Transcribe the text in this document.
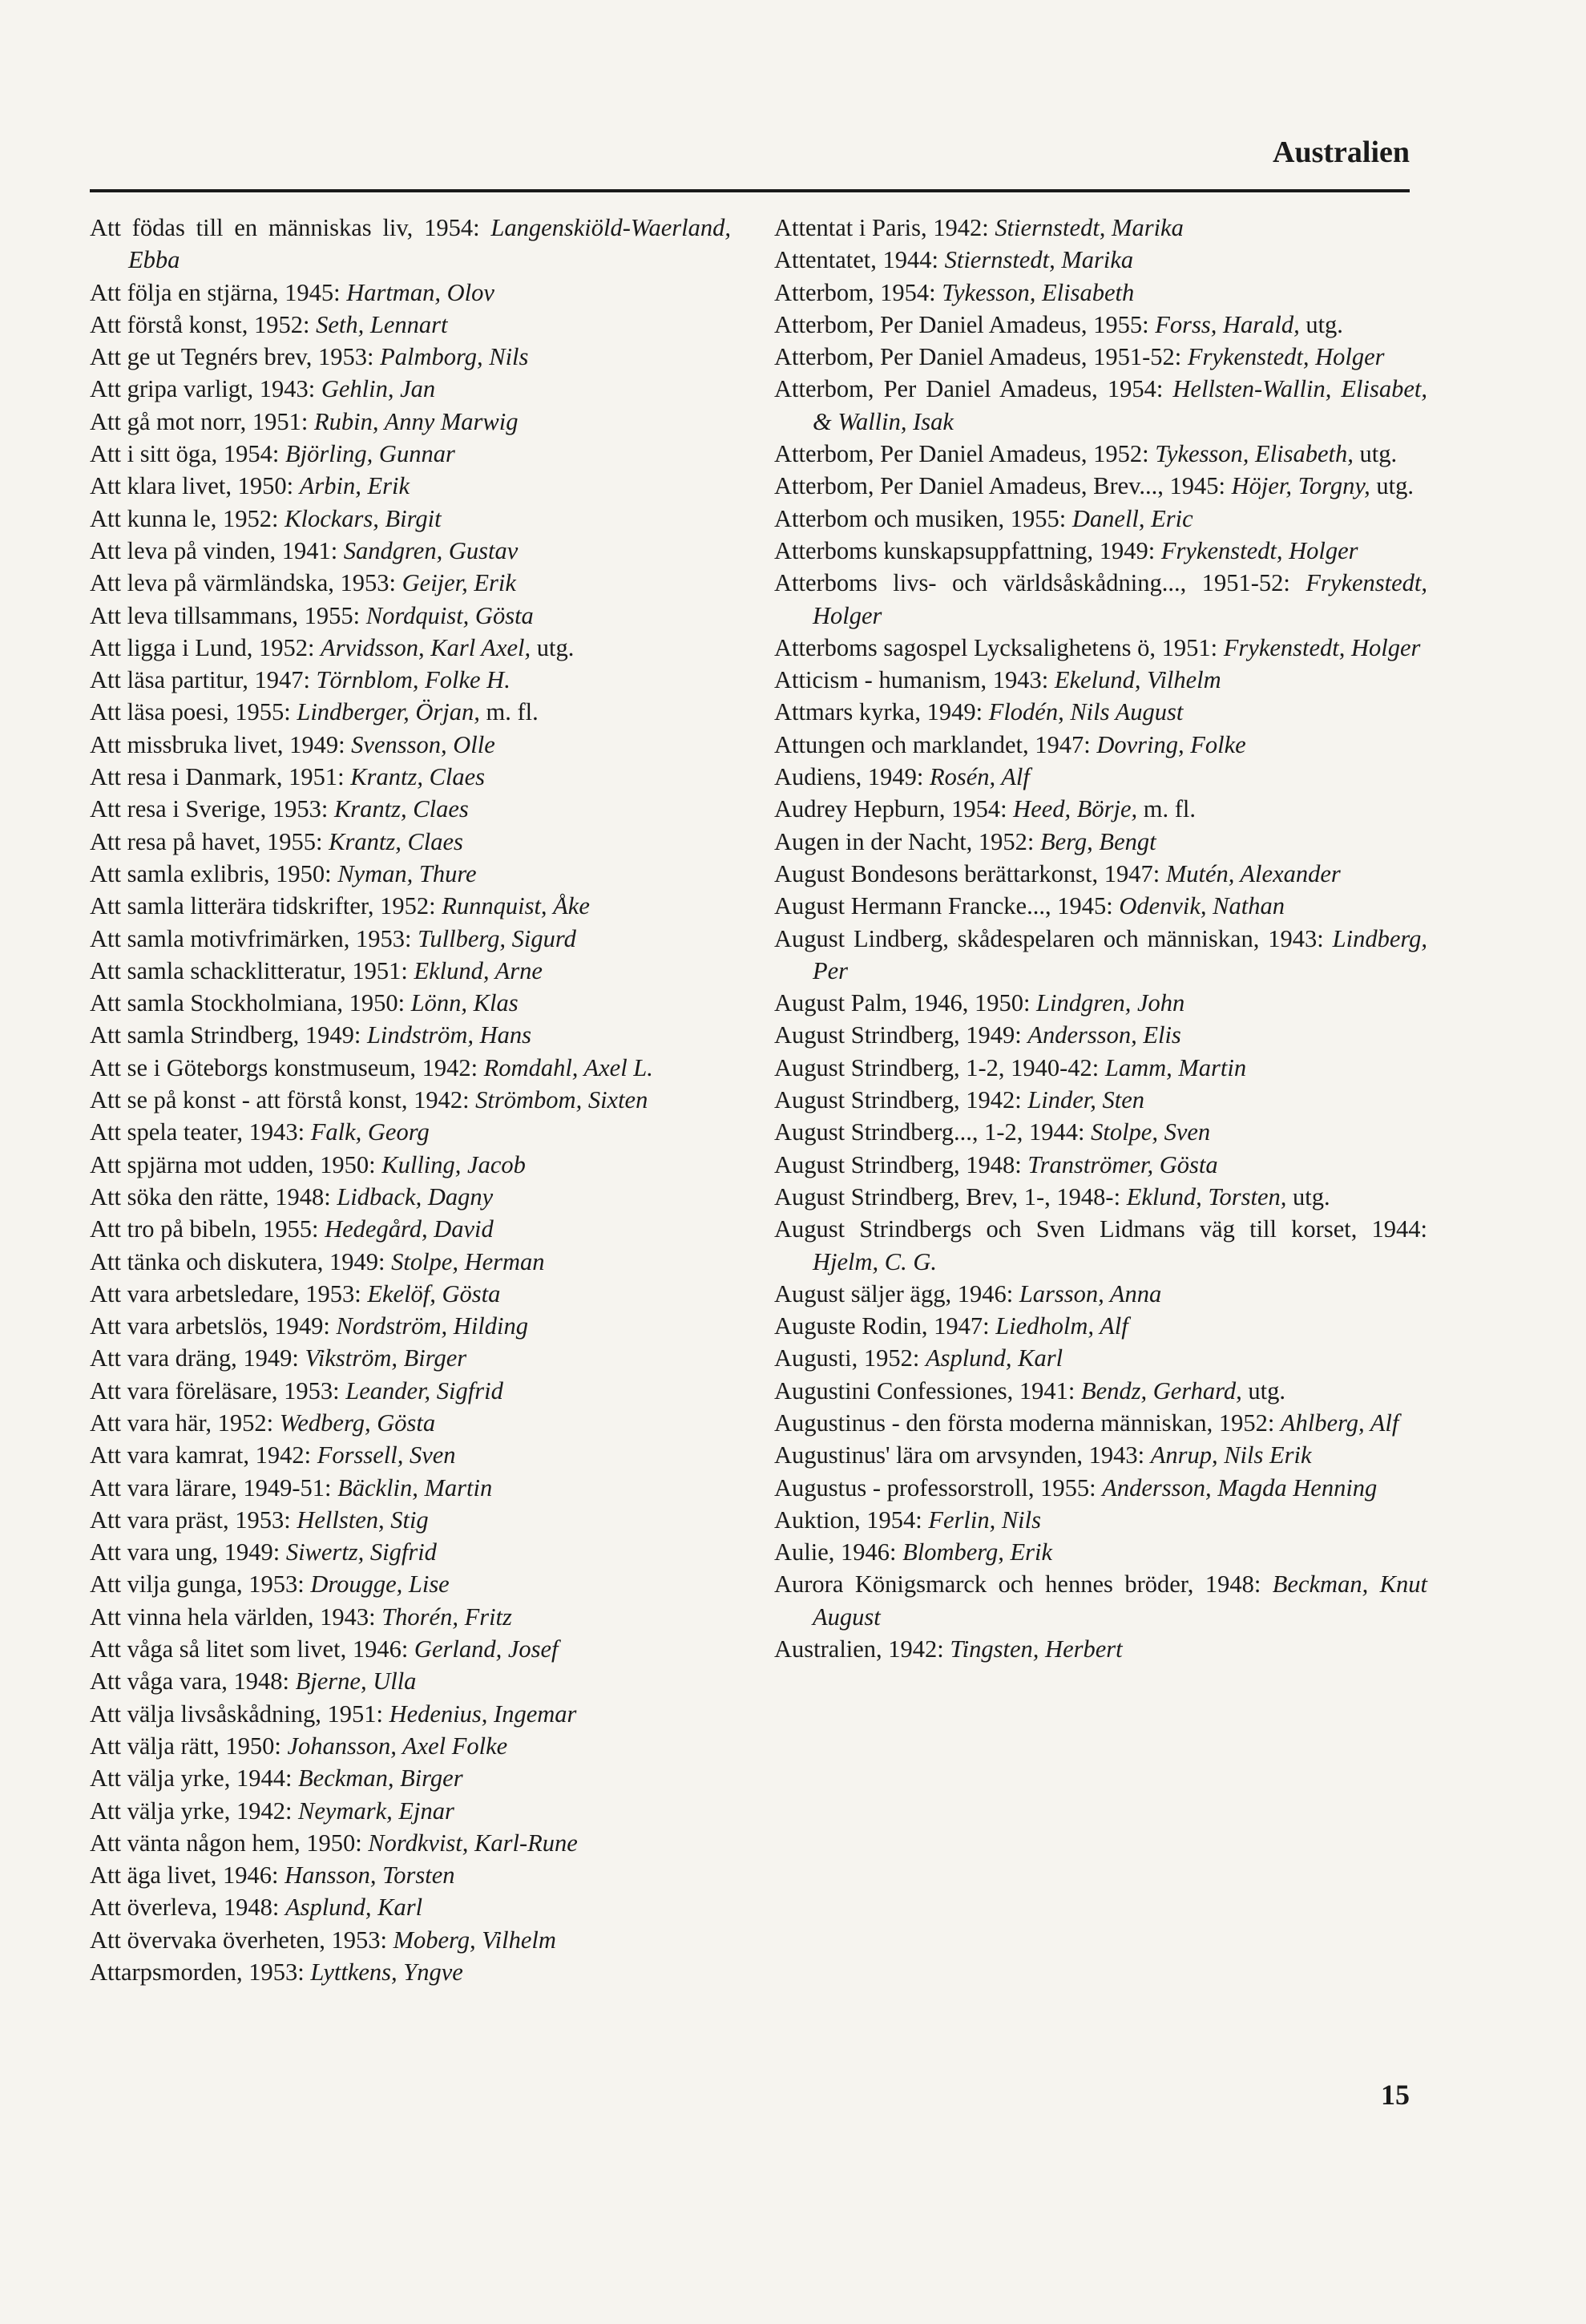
Australien
Att födas till en människas liv, 1954: Langenskiöld-Waerland, Ebba
Att följa en stjärna, 1945: Hartman, Olov
Att förstå konst, 1952: Seth, Lennart
Att ge ut Tegnérs brev, 1953: Palmborg, Nils
Att gripa varligt, 1943: Gehlin, Jan
Att gå mot norr, 1951: Rubin, Anny Marwig
Att i sitt öga, 1954: Björling, Gunnar
Att klara livet, 1950: Arbin, Erik
Att kunna le, 1952: Klockars, Birgit
Att leva på vinden, 1941: Sandgren, Gustav
Att leva på värmländska, 1953: Geijer, Erik
Att leva tillsammans, 1955: Nordquist, Gösta
Att ligga i Lund, 1952: Arvidsson, Karl Axel, utg.
Att läsa partitur, 1947: Törnblom, Folke H.
Att läsa poesi, 1955: Lindberger, Örjan, m. fl.
Att missbruka livet, 1949: Svensson, Olle
Att resa i Danmark, 1951: Krantz, Claes
Att resa i Sverige, 1953: Krantz, Claes
Att resa på havet, 1955: Krantz, Claes
Att samla exlibris, 1950: Nyman, Thure
Att samla litterära tidskrifter, 1952: Runnquist, Åke
Att samla motivfrimärken, 1953: Tullberg, Sigurd
Att samla schacklitteratur, 1951: Eklund, Arne
Att samla Stockholmiana, 1950: Lönn, Klas
Att samla Strindberg, 1949: Lindström, Hans
Att se i Göteborgs konstmuseum, 1942: Romdahl, Axel L.
Att se på konst - att förstå konst, 1942: Strömbom, Sixten
Att spela teater, 1943: Falk, Georg
Att spjärna mot udden, 1950: Kulling, Jacob
Att söka den rätte, 1948: Lidback, Dagny
Att tro på bibeln, 1955: Hedegård, David
Att tänka och diskutera, 1949: Stolpe, Herman
Att vara arbetsledare, 1953: Ekelöf, Gösta
Att vara arbetslös, 1949: Nordström, Hilding
Att vara dräng, 1949: Vikström, Birger
Att vara föreläsare, 1953: Leander, Sigfrid
Att vara här, 1952: Wedberg, Gösta
Att vara kamrat, 1942: Forssell, Sven
Att vara lärare, 1949-51: Bäcklin, Martin
Att vara präst, 1953: Hellsten, Stig
Att vara ung, 1949: Siwertz, Sigfrid
Att vilja gunga, 1953: Drougge, Lise
Att vinna hela världen, 1943: Thorén, Fritz
Att våga så litet som livet, 1946: Gerland, Josef
Att våga vara, 1948: Bjerne, Ulla
Att välja livsåskådning, 1951: Hedenius, Ingemar
Att välja rätt, 1950: Johansson, Axel Folke
Att välja yrke, 1944: Beckman, Birger
Att välja yrke, 1942: Neymark, Ejnar
Att vänta någon hem, 1950: Nordkvist, Karl-Rune
Att äga livet, 1946: Hansson, Torsten
Att överleva, 1948: Asplund, Karl
Att övervaka överheten, 1953: Moberg, Vilhelm
Attarpsmorden, 1953: Lyttkens, Yngve
Attentat i Paris, 1942: Stiernstedt, Marika
Attentatet, 1944: Stiernstedt, Marika
Atterbom, 1954: Tykesson, Elisabeth
Atterbom, Per Daniel Amadeus, 1955: Forss, Harald, utg.
Atterbom, Per Daniel Amadeus, 1951-52: Frykenstedt, Holger
Atterbom, Per Daniel Amadeus, 1954: Hellsten-Wallin, Elisabet, & Wallin, Isak
Atterbom, Per Daniel Amadeus, 1952: Tykesson, Elisabeth, utg.
Atterbom, Per Daniel Amadeus, Brev..., 1945: Höjer, Torgny, utg.
Atterbom och musiken, 1955: Danell, Eric
Atterboms kunskapsuppfattning, 1949: Frykenstedt, Holger
Atterboms livs- och världsåskådning..., 1951-52: Frykenstedt, Holger
Atterboms sagospel Lycksalighetens ö, 1951: Frykenstedt, Holger
Atticism - humanism, 1943: Ekelund, Vilhelm
Attmars kyrka, 1949: Flodén, Nils August
Attungen och marklandet, 1947: Dovring, Folke
Audiens, 1949: Rosén, Alf
Audrey Hepburn, 1954: Heed, Börje, m. fl.
Augen in der Nacht, 1952: Berg, Bengt
August Bondesons berättarkonst, 1947: Mutén, Alexander
August Hermann Francke..., 1945: Odenvik, Nathan
August Lindberg, skådespelaren och människan, 1943: Lindberg, Per
August Palm, 1946, 1950: Lindgren, John
August Strindberg, 1949: Andersson, Elis
August Strindberg, 1-2, 1940-42: Lamm, Martin
August Strindberg, 1942: Linder, Sten
August Strindberg..., 1-2, 1944: Stolpe, Sven
August Strindberg, 1948: Tranströmer, Gösta
August Strindberg, Brev, 1-, 1948-: Eklund, Torsten, utg.
August Strindbergs och Sven Lidmans väg till korset, 1944: Hjelm, C. G.
August säljer ägg, 1946: Larsson, Anna
Auguste Rodin, 1947: Liedholm, Alf
Augusti, 1952: Asplund, Karl
Augustini Confessiones, 1941: Bendz, Gerhard, utg.
Augustinus - den första moderna människan, 1952: Ahlberg, Alf
Augustinus' lära om arvsynden, 1943: Anrup, Nils Erik
Augustus - professorstroll, 1955: Andersson, Magda Henning
Auktion, 1954: Ferlin, Nils
Aulie, 1946: Blomberg, Erik
Aurora Königsmarck och hennes bröder, 1948: Beckman, Knut August
Australien, 1942: Tingsten, Herbert
15
